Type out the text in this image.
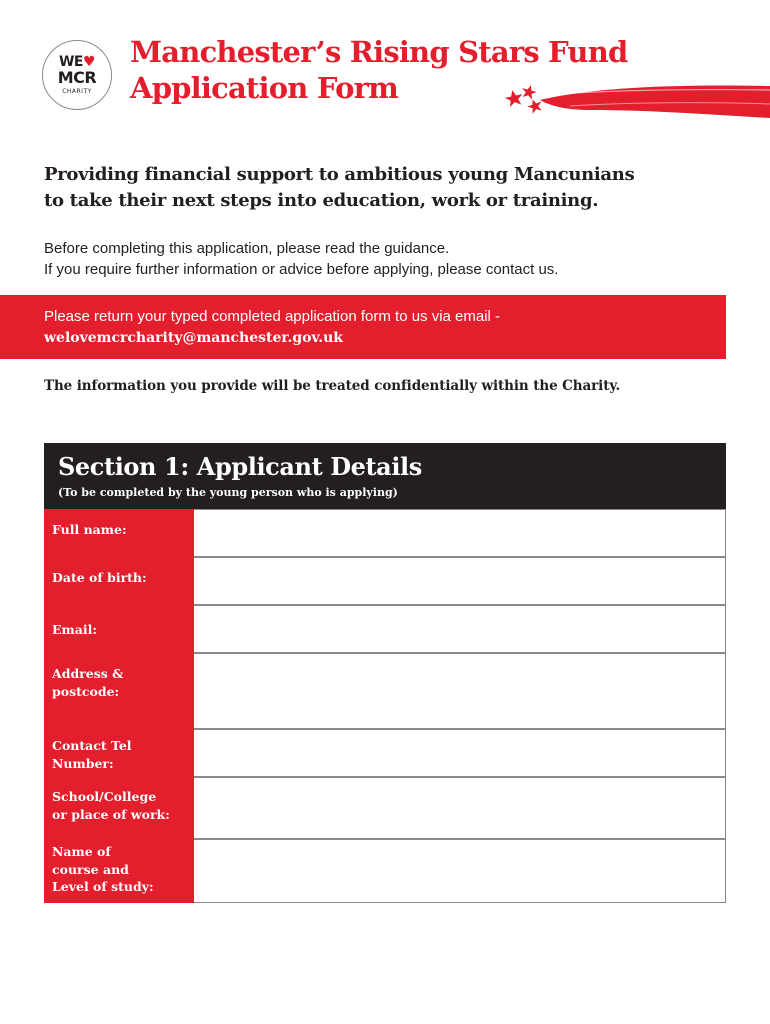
WE♥
MCR
CHARITY
Manchester’s Rising Stars Fund
Application Form

Providing financial support to ambitious young Mancunians
to take their next steps into education, work or training.

Before completing this application, please read the guidance.
If you require further information or advice before applying, please contact us.
Please return your typed completed application form to us via email -
welovemcrcharity@manchester.gov.uk
The information you provide will be treated confidentially within the Charity.
Section 1: Applicant Details
(To be completed by the young person who is applying)
Full name:
Date of birth:
Email:
Address &
postcode:
Contact Tel
Number:
School/College
or place of work:
Name of
course and
Level of study:
